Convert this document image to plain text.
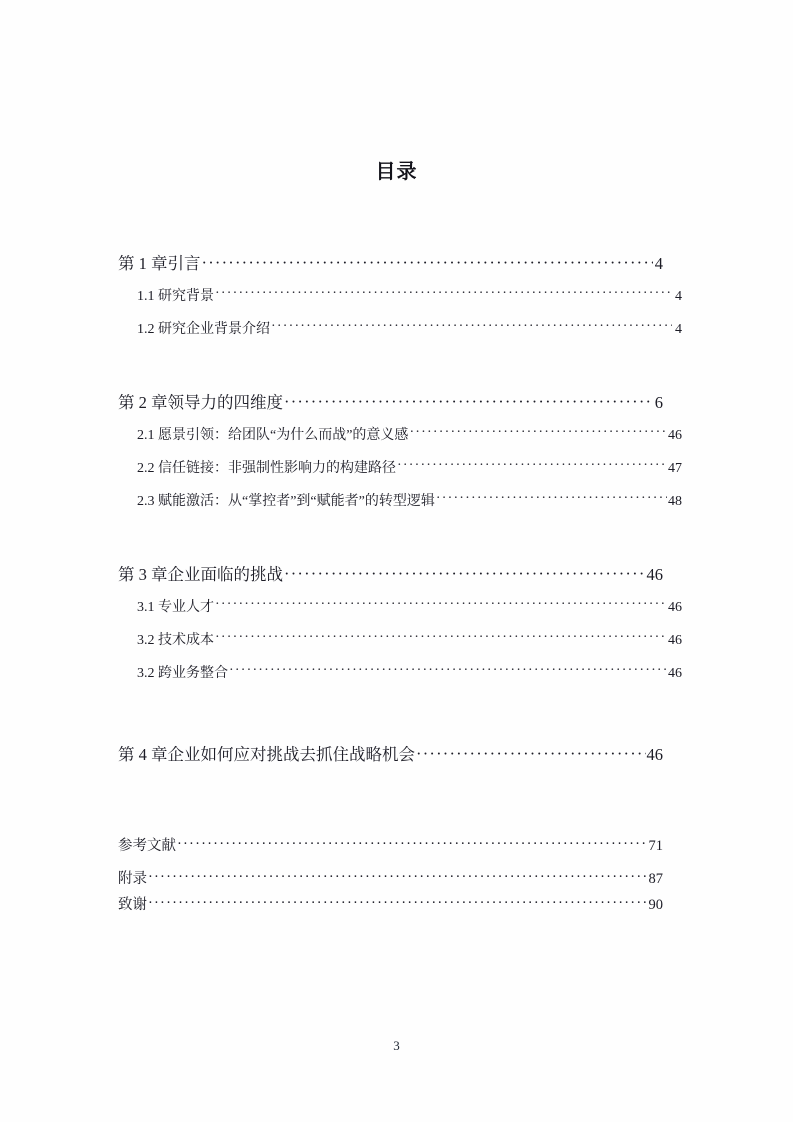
目录
第 1 章引言 ·····	4
1.1 研究背景 ·····	4
1.2 研究企业背景介绍 ·····	4
第 2 章领导力的四维度 ·····	6
2.1 愿景引领：给团队“为什么而战”的意义感 ·····	46
2.2 信任链接：非强制性影响力的构建路径 ·····	47
2.3 赋能激活：从“掌控者”到“赋能者”的转型逻辑 ·····	48
第 3 章企业面临的挑战 ·····	46
3.1 专业人才 ·····	46
3.2 技术成本 ·····	46
3.2 跨业务整合 ·····	46
第 4 章企业如何应对挑战去抓住战略机会 ·····	46
参考文献 ·····	71
附录 ·····	87
致谢 ·····	90
3
